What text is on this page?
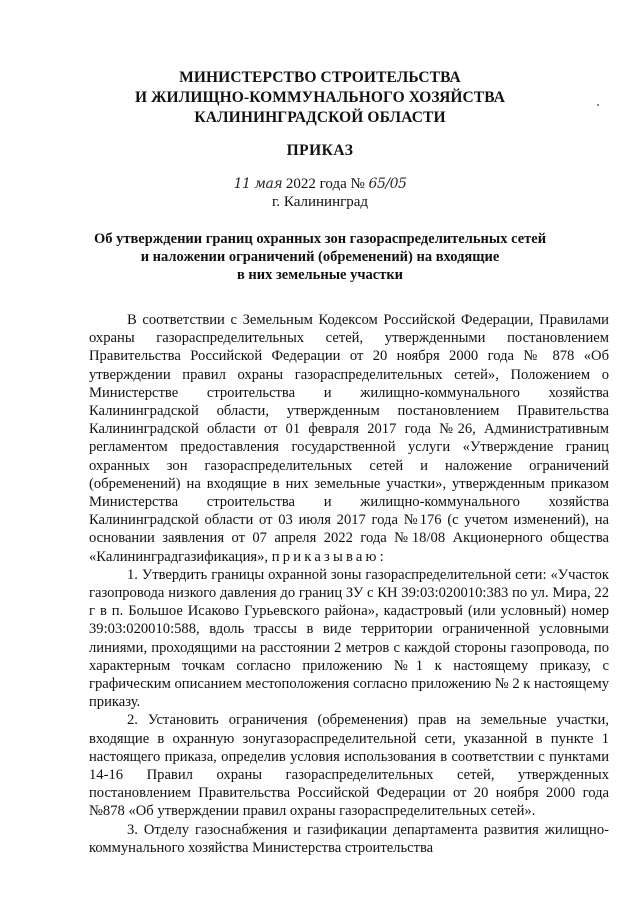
МИНИСТЕРСТВО СТРОИТЕЛЬСТВА
И ЖИЛИЩНО-КОММУНАЛЬНОГО ХОЗЯЙСТВА
КАЛИНИНГРАДСКОЙ ОБЛАСТИ
ПРИКАЗ
11 мая 2022 года № 65/05
г. Калининград
Об утверждении границ охранных зон газораспределительных сетей
и наложении ограничений (обременений) на входящие
в них земельные участки

В соответствии с Земельным Кодексом Российской Федерации, Правилами охраны газораспределительных сетей, утвержденными постановлением Правительства Российской Федерации от 20 ноября 2000 года № 878 «Об утверждении правил охраны газораспределительных сетей», Положением о Министерстве строительства и жилищно-коммунального хозяйства Калининградской области, утвержденным постановлением Правительства Калининградской области от 01 февраля 2017 года №26, Административным регламентом предоставления государственной услуги «Утверждение границ охранных зон газораспределительных сетей и наложение ограничений (обременений) на входящие в них земельные участки», утвержденным приказом Министерства строительства и жилищно-коммунального хозяйства Калининградской области от 03 июля 2017 года №176 (с учетом изменений), на основании заявления от 07 апреля 2022 года №18/08 Акционерного общества «Калининградгазификация», приказываю:

1. Утвердить границы охранной зоны газораспределительной сети: «Участок газопровода низкого давления до границ ЗУ с КН 39:03:020010:383 по ул. Мира, 22 г в п. Большое Исаково Гурьевского района», кадастровый (или условный) номер 39:03:020010:588, вдоль трассы в виде территории ограниченной условными линиями, проходящими на расстоянии 2 метров с каждой стороны газопровода, по характерным точкам согласно приложению №1 к настоящему приказу, с графическим описанием местоположения согласно приложению № 2 к настоящему приказу.

2. Установить ограничения (обременения) прав на земельные участки, входящие в охранную зонугазораспределительной сети, указанной в пункте 1 настоящего приказа, определив условия использования в соответствии с пунктами 14-16 Правил охраны газораспределительных сетей, утвержденных постановлением Правительства Российской Федерации от 20 ноября 2000 года №878 «Об утверждении правил охраны газораспределительных сетей».

3. Отделу газоснабжения и газификации департамента развития жилищно-коммунального хозяйства Министерства строительства
